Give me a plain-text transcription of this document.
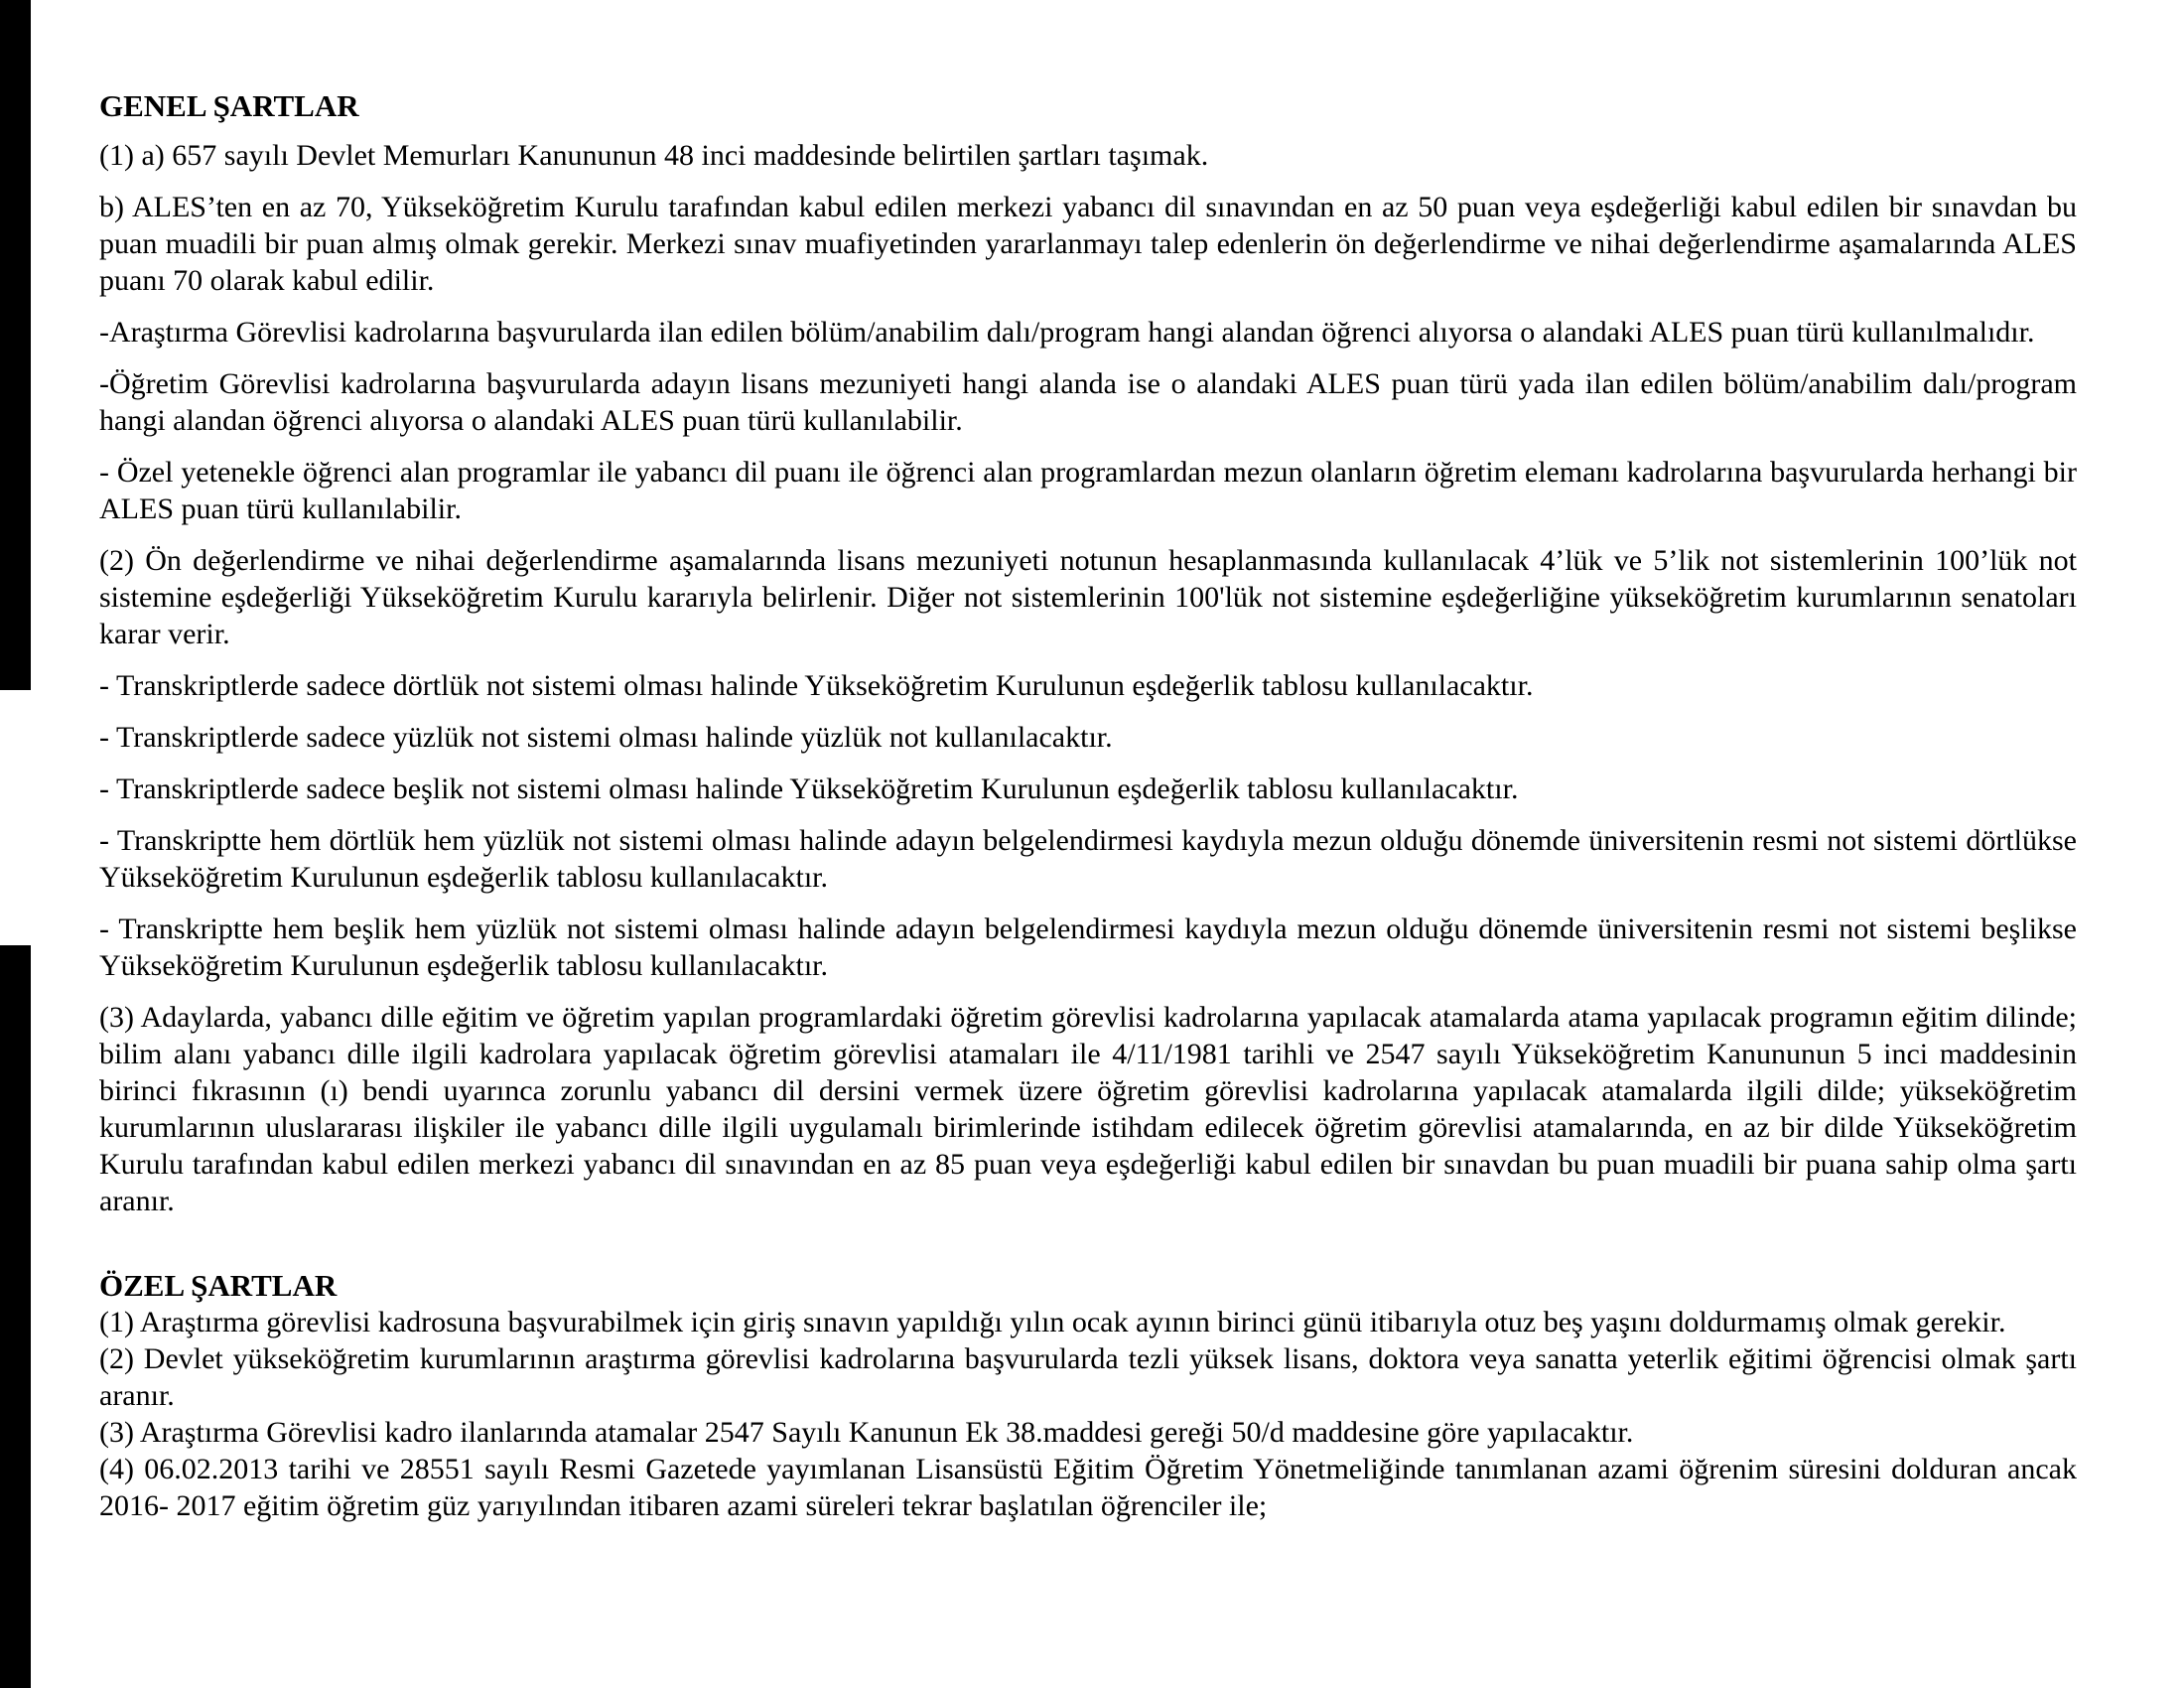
GENEL ŞARTLAR

(1) a) 657 sayılı Devlet Memurları Kanununun 48 inci maddesinde belirtilen şartları taşımak.

b) ALES’ten en az 70, Yükseköğretim Kurulu tarafından kabul edilen merkezi yabancı dil sınavından en az 50 puan veya eşdeğerliği kabul edilen bir sınavdan bu puan muadili bir puan almış olmak gerekir. Merkezi sınav muafiyetinden yararlanmayı talep edenlerin ön değerlendirme ve nihai değerlendirme aşamalarında ALES puanı 70 olarak kabul edilir.

-Araştırma Görevlisi kadrolarına başvurularda ilan edilen bölüm/anabilim dalı/program hangi alandan öğrenci alıyorsa o alandaki ALES puan türü kullanılmalıdır.

-Öğretim Görevlisi kadrolarına başvurularda adayın lisans mezuniyeti hangi alanda ise o alandaki ALES puan türü yada ilan edilen bölüm/anabilim dalı/program hangi alandan öğrenci alıyorsa o alandaki ALES puan türü kullanılabilir.

- Özel yetenekle öğrenci alan programlar ile yabancı dil puanı ile öğrenci alan programlardan mezun olanların öğretim elemanı kadrolarına başvurularda herhangi bir ALES puan türü kullanılabilir.

(2) Ön değerlendirme ve nihai değerlendirme aşamalarında lisans mezuniyeti notunun hesaplanmasında kullanılacak 4’lük ve 5’lik not sistemlerinin 100’lük not sistemine eşdeğerliği Yükseköğretim Kurulu kararıyla belirlenir. Diğer not sistemlerinin 100'lük not sistemine eşdeğerliğine yükseköğretim kurumlarının senatoları karar verir.

- Transkriptlerde sadece dörtlük not sistemi olması halinde Yükseköğretim Kurulunun eşdeğerlik tablosu kullanılacaktır.

- Transkriptlerde sadece yüzlük not sistemi olması halinde yüzlük not kullanılacaktır.

- Transkriptlerde sadece beşlik not sistemi olması halinde Yükseköğretim Kurulunun eşdeğerlik tablosu kullanılacaktır.

- Transkriptte hem dörtlük hem yüzlük not sistemi olması halinde adayın belgelendirmesi kaydıyla mezun olduğu dönemde üniversitenin resmi not sistemi dörtlükse Yükseköğretim Kurulunun eşdeğerlik tablosu kullanılacaktır.

- Transkriptte hem beşlik hem yüzlük not sistemi olması halinde adayın belgelendirmesi kaydıyla mezun olduğu dönemde üniversitenin resmi not sistemi beşlikse Yükseköğretim Kurulunun eşdeğerlik tablosu kullanılacaktır.

(3) Adaylarda, yabancı dille eğitim ve öğretim yapılan programlardaki öğretim görevlisi kadrolarına yapılacak atamalarda atama yapılacak programın eğitim dilinde; bilim alanı yabancı dille ilgili kadrolara yapılacak öğretim görevlisi atamaları ile 4/11/1981 tarihli ve 2547 sayılı Yükseköğretim Kanununun 5 inci maddesinin birinci fıkrasının (ı) bendi uyarınca zorunlu yabancı dil dersini vermek üzere öğretim görevlisi kadrolarına yapılacak atamalarda ilgili dilde; yükseköğretim kurumlarının uluslararası ilişkiler ile yabancı dille ilgili uygulamalı birimlerinde istihdam edilecek öğretim görevlisi atamalarında, en az bir dilde Yükseköğretim Kurulu tarafından kabul edilen merkezi yabancı dil sınavından en az 85 puan veya eşdeğerliği kabul edilen bir sınavdan bu puan muadili bir puana sahip olma şartı aranır.

ÖZEL ŞARTLAR

(1) Araştırma görevlisi kadrosuna başvurabilmek için giriş sınavın yapıldığı yılın ocak ayının birinci günü itibarıyla otuz beş yaşını doldurmamış olmak gerekir.

(2) Devlet yükseköğretim kurumlarının araştırma görevlisi kadrolarına başvurularda tezli yüksek lisans, doktora veya sanatta yeterlik eğitimi öğrencisi olmak şartı aranır.

(3) Araştırma Görevlisi kadro ilanlarında atamalar 2547 Sayılı Kanunun Ek 38.maddesi gereği 50/d maddesine göre yapılacaktır.

(4) 06.02.2013 tarihi ve 28551 sayılı Resmi Gazetede yayımlanan Lisansüstü Eğitim Öğretim Yönetmeliğinde tanımlanan azami öğrenim süresini dolduran ancak 2016- 2017 eğitim öğretim güz yarıyılından itibaren azami süreleri tekrar başlatılan öğrenciler ile;
